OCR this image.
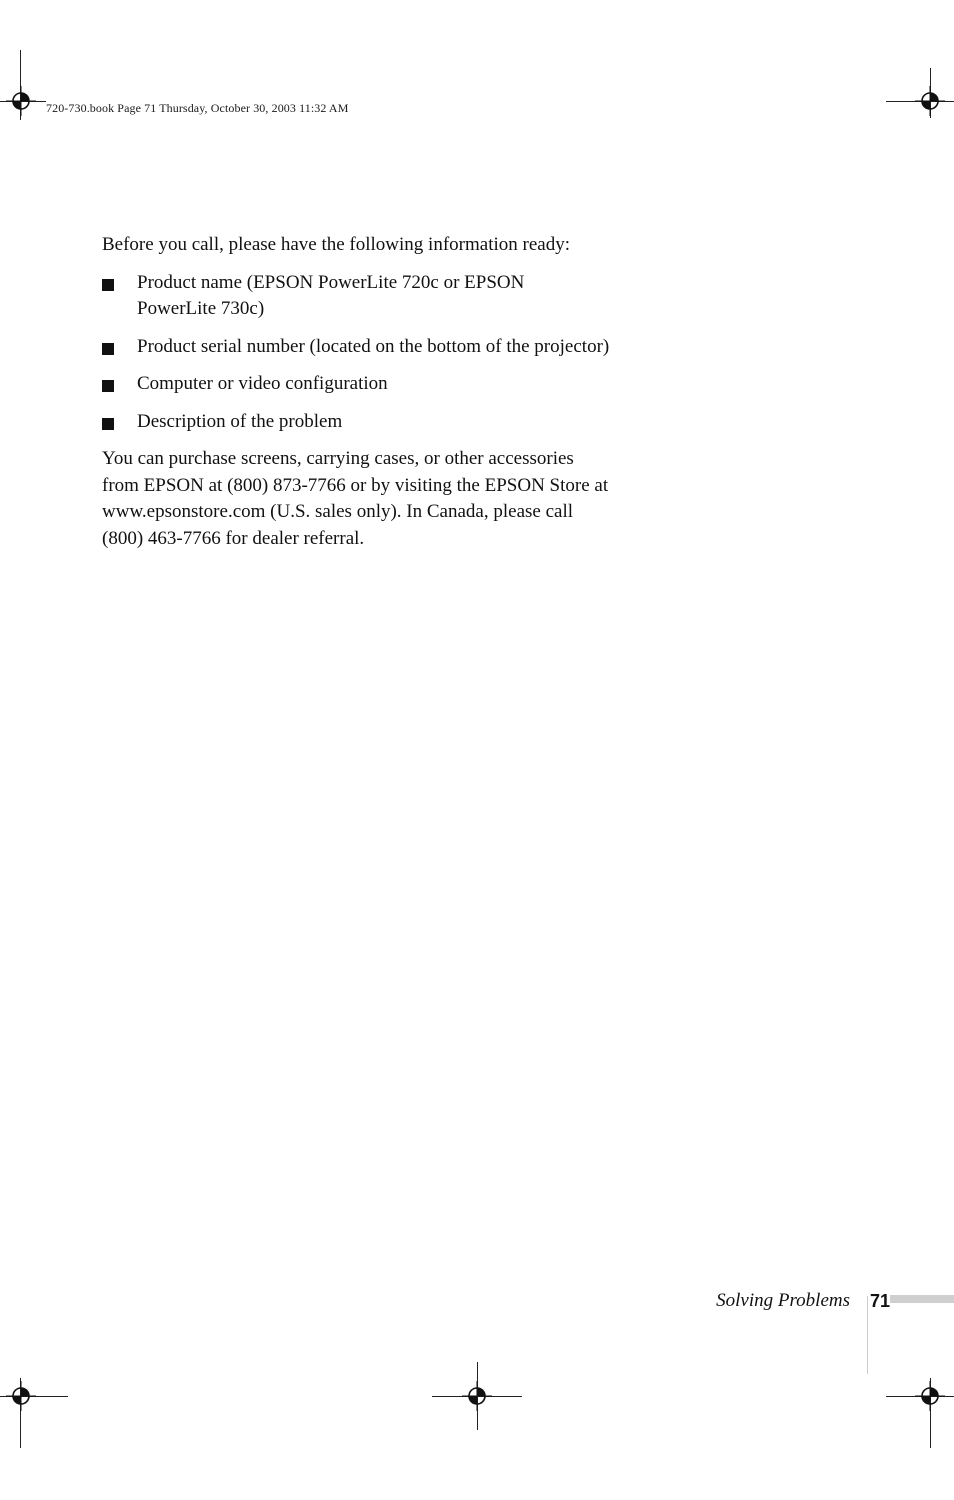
720-730.book Page 71 Thursday, October 30, 2003 11:32 AM

Before you call, please have the following information ready:

Product name (EPSON PowerLite 720c or EPSON
PowerLite 730c)
Product serial number (located on the bottom of the projector)
Computer or video configuration
Description of the problem

You can purchase screens, carrying cases, or other accessories
from EPSON at (800) 873-7766 or by visiting the EPSON Store at
www.epsonstore.com (U.S. sales only). In Canada, please call
(800) 463-7766 for dealer referral.

Solving Problems 71
